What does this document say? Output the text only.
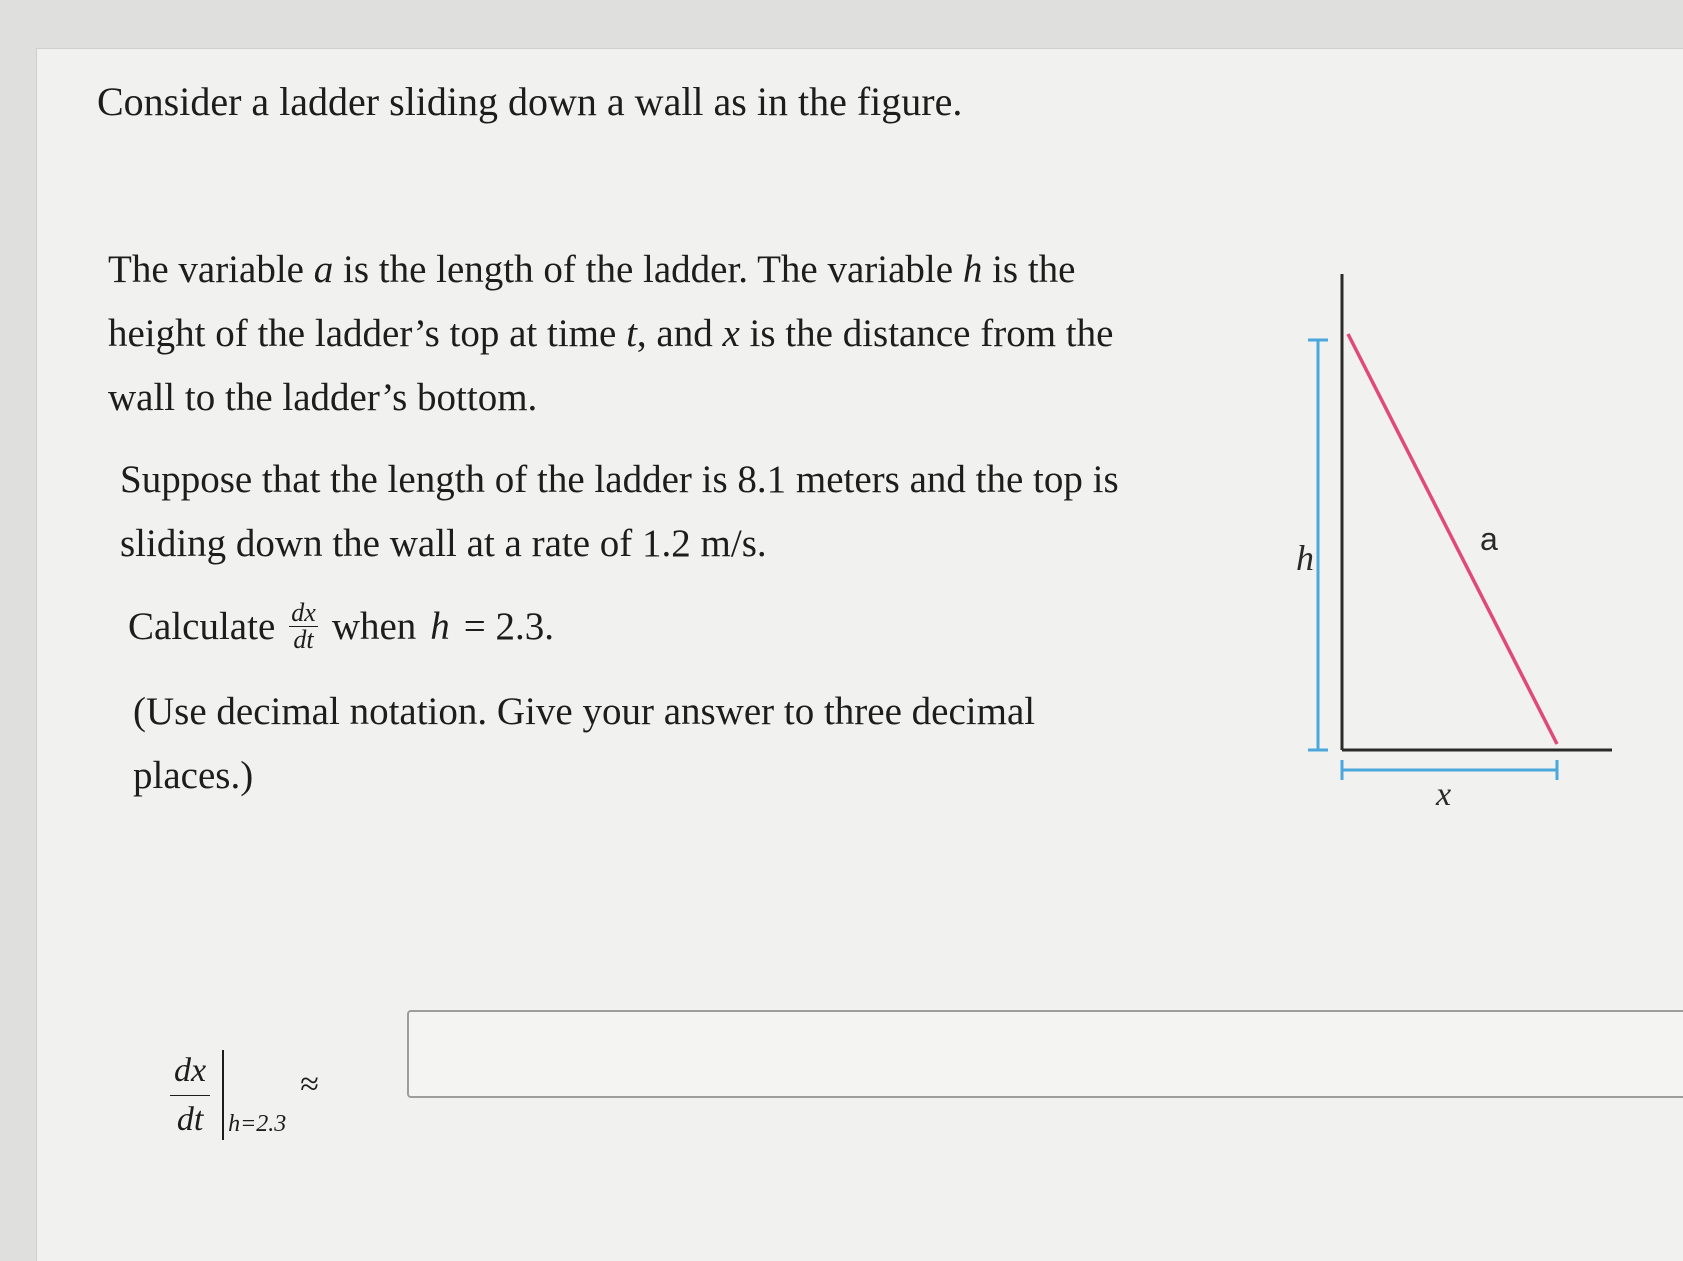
Consider a ladder sliding down a wall as in the figure.
The variable a is the length of the ladder. The variable h is the height of the ladder’s top at time t, and x is the distance from the wall to the ladder’s bottom.
Suppose that the length of the ladder is 8.1 meters and the top is sliding down the wall at a rate of 1.2 m/s.
Calculate $\frac{dx}{dt}$ when h = 2.3.
(Use decimal notation. Give your answer to three decimal places.)
$\frac{dx}{dt} h=2.3$
≈
h	a
x
